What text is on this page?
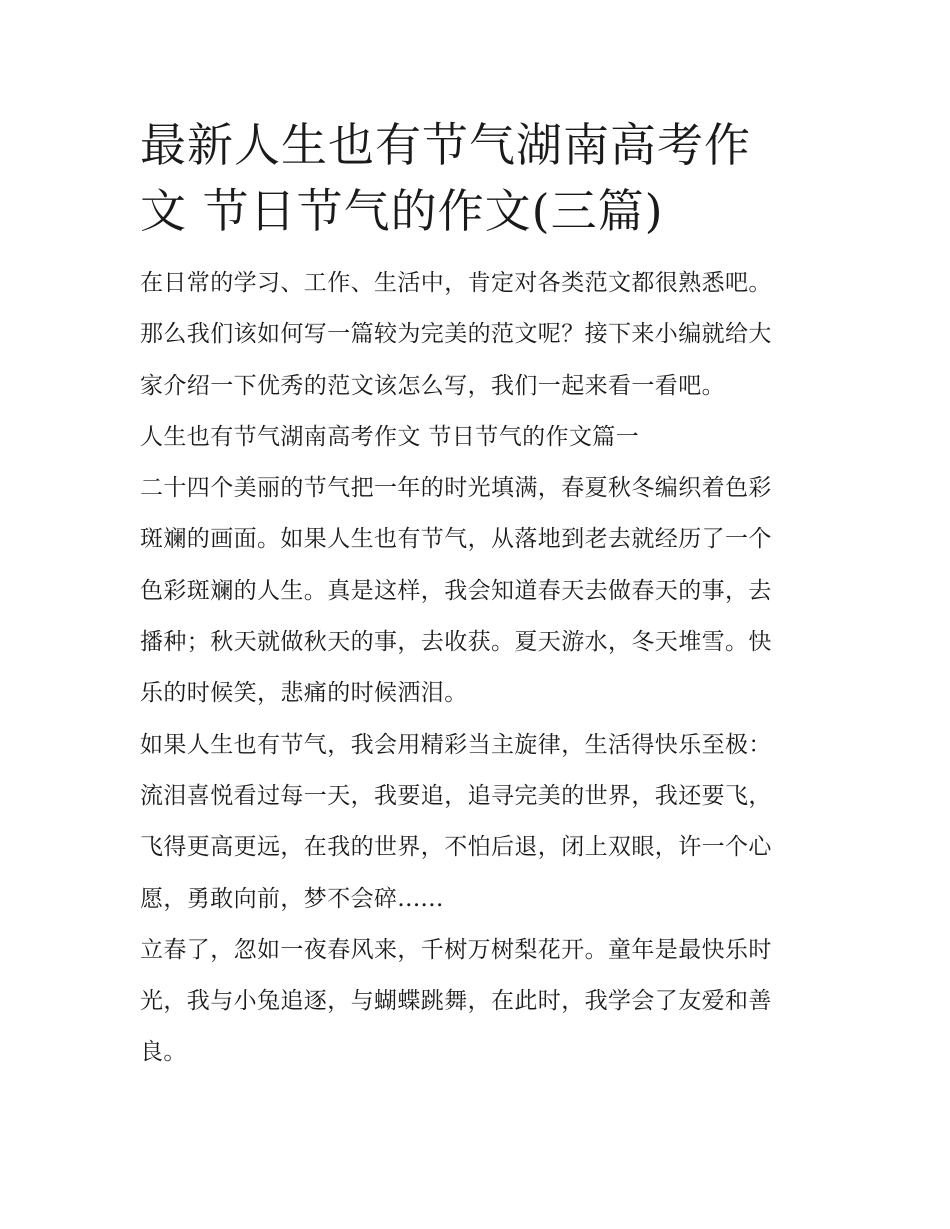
最新人生也有节气湖南高考作
文 节日节气的作文(三篇)

在日常的学习、工作、生活中，肯定对各类范文都很熟悉吧。
那么我们该如何写一篇较为完美的范文呢？接下来小编就给大
家介绍一下优秀的范文该怎么写，我们一起来看一看吧。

人生也有节气湖南高考作文 节日节气的作文篇一

二十四个美丽的节气把一年的时光填满，春夏秋冬编织着色彩
斑斓的画面。如果人生也有节气，从落地到老去就经历了一个
色彩斑斓的人生。真是这样，我会知道春天去做春天的事，去
播种；秋天就做秋天的事，去收获。夏天游水，冬天堆雪。快
乐的时候笑，悲痛的时候洒泪。

如果人生也有节气，我会用精彩当主旋律，生活得快乐至极：
流泪喜悦看过每一天，我要追，追寻完美的世界，我还要飞，
飞得更高更远，在我的世界，不怕后退，闭上双眼，许一个心
愿，勇敢向前，梦不会碎......

立春了，忽如一夜春风来，千树万树梨花开。童年是最快乐时
光，我与小兔追逐，与蝴蝶跳舞，在此时，我学会了友爱和善
良。
